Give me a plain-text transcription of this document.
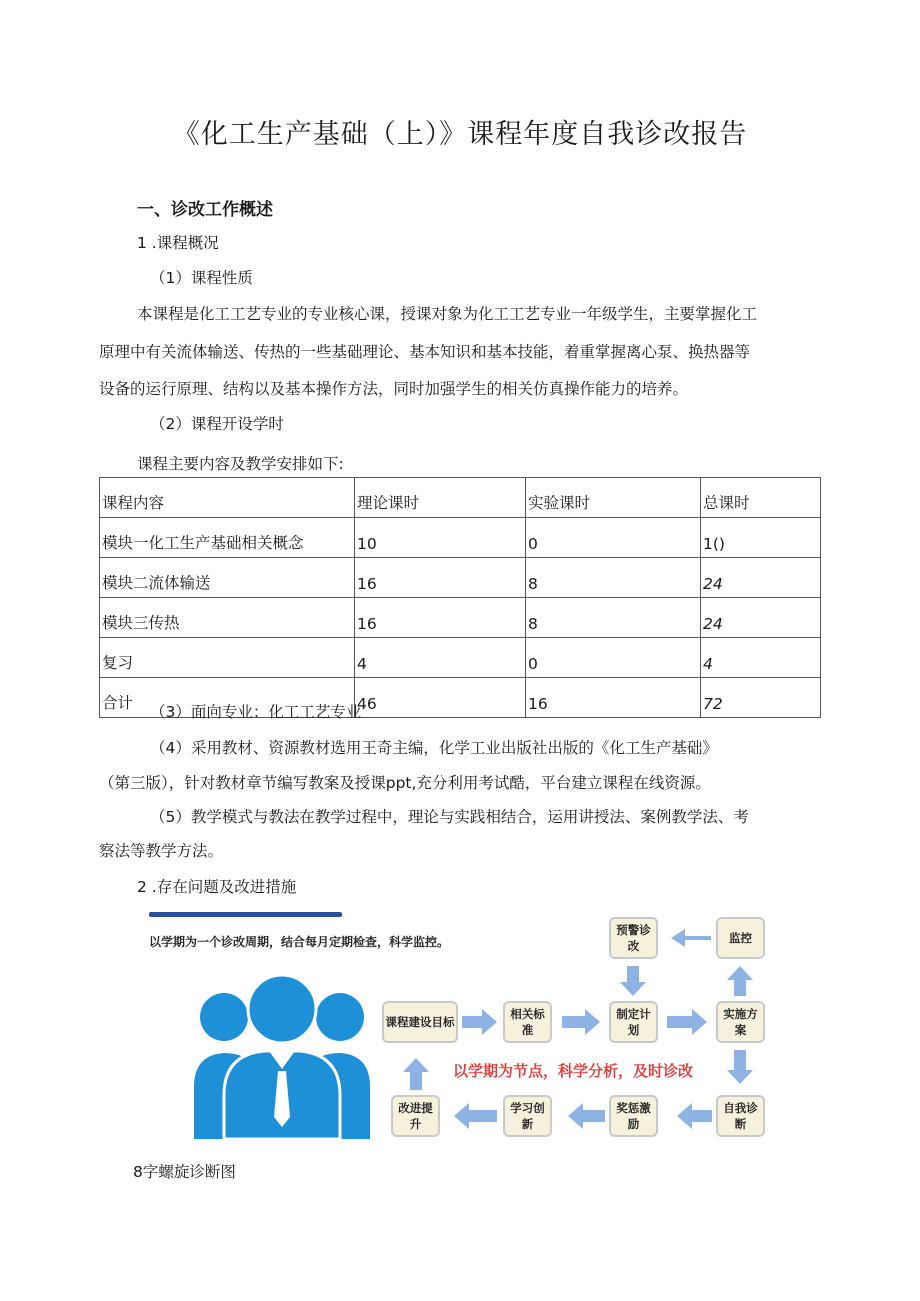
《化工生产基础（上）》课程年度自我诊改报告
一、诊改工作概述
1 .课程概况
（1）课程性质
本课程是化工工艺专业的专业核心课，授课对象为化工工艺专业一年级学生，主要掌握化工
原理中有关流体输送、传热的一些基础理论、基本知识和基本技能，着重掌握离心泵、换热器等
设备的运行原理、结构以及基本操作方法，同时加强学生的相关仿真操作能力的培养。
（2）课程开设学时
课程主要内容及教学安排如下:
课程内容	理论课时	实验课时	总课时
模块一化工生产基础相关概念	10	0	1()
模块二流体输送	16	8	24
模块三传热	16	8	24
复习	4	0	4
合计	46	16	72
（3）面向专业：化工工艺专业
（4）采用教材、资源教材选用王奇主编，化学工业出版社出版的《化工生产基础》
（第三版），针对教材章节编写教案及授课ppt,充分利用考试酷，平台建立课程在线资源。
（5）教学模式与教法在教学过程中，理论与实践相结合，运用讲授法、案例教学法、考
察法等教学方法。
2 .存在问题及改进措施
以学期为一个诊改周期，结合每月定期检查，科学监控。
预警诊改
监控
课程建设目标
相关标准
制定计划
实施方案
改进提升
学习创新
奖惩激励
自我诊断
以学期为节点，科学分析，及时诊改
8字螺旋诊断图
